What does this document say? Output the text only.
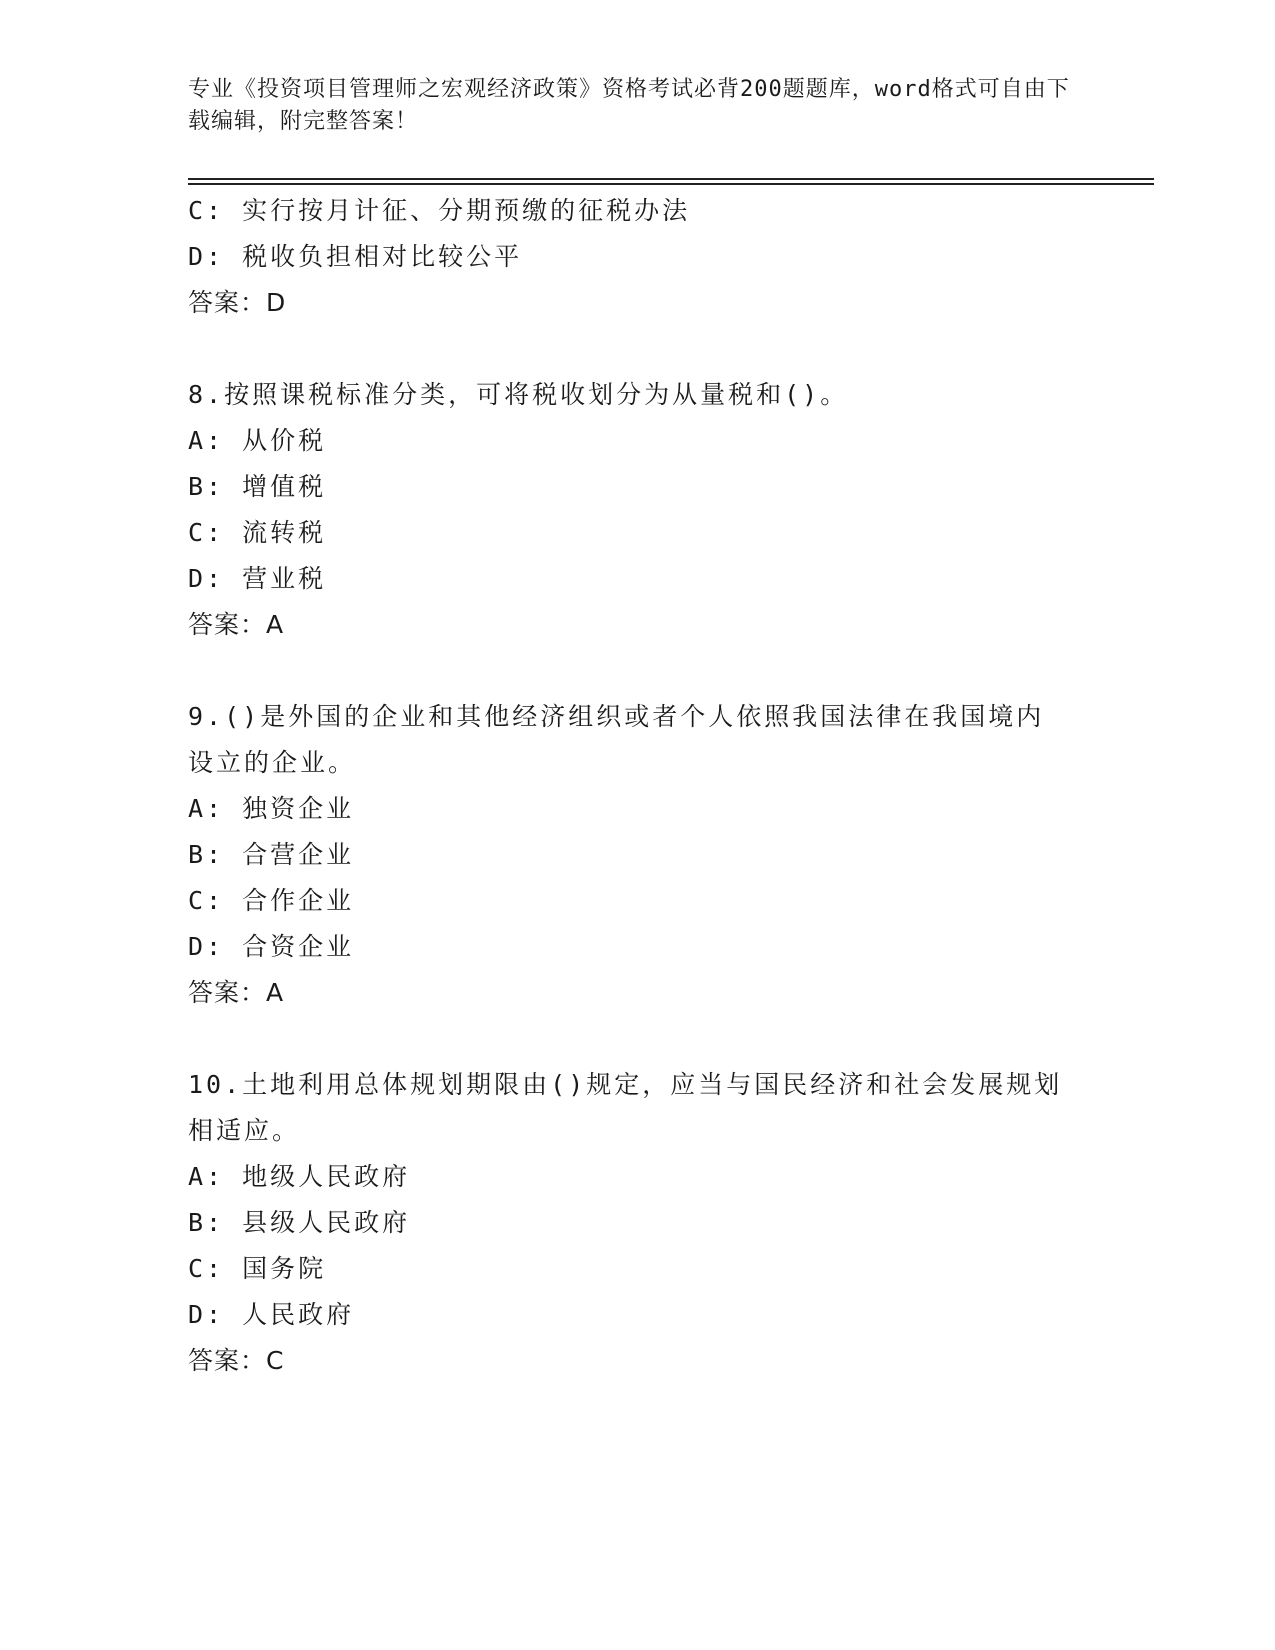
专业《投资项目管理师之宏观经济政策》资格考试必背200题题库，word格式可自由下载编辑，附完整答案！
C: 实行按月计征、分期预缴的征税办法
D: 税收负担相对比较公平
答案：D
8.按照课税标准分类，可将税收划分为从量税和()。
A: 从价税
B: 增值税
C: 流转税
D: 营业税
答案：A
9.()是外国的企业和其他经济组织或者个人依照我国法律在我国境内
设立的企业。
A: 独资企业
B: 合营企业
C: 合作企业
D: 合资企业
答案：A
10.土地利用总体规划期限由()规定，应当与国民经济和社会发展规划
相适应。
A: 地级人民政府
B: 县级人民政府
C: 国务院
D: 人民政府
答案：C
